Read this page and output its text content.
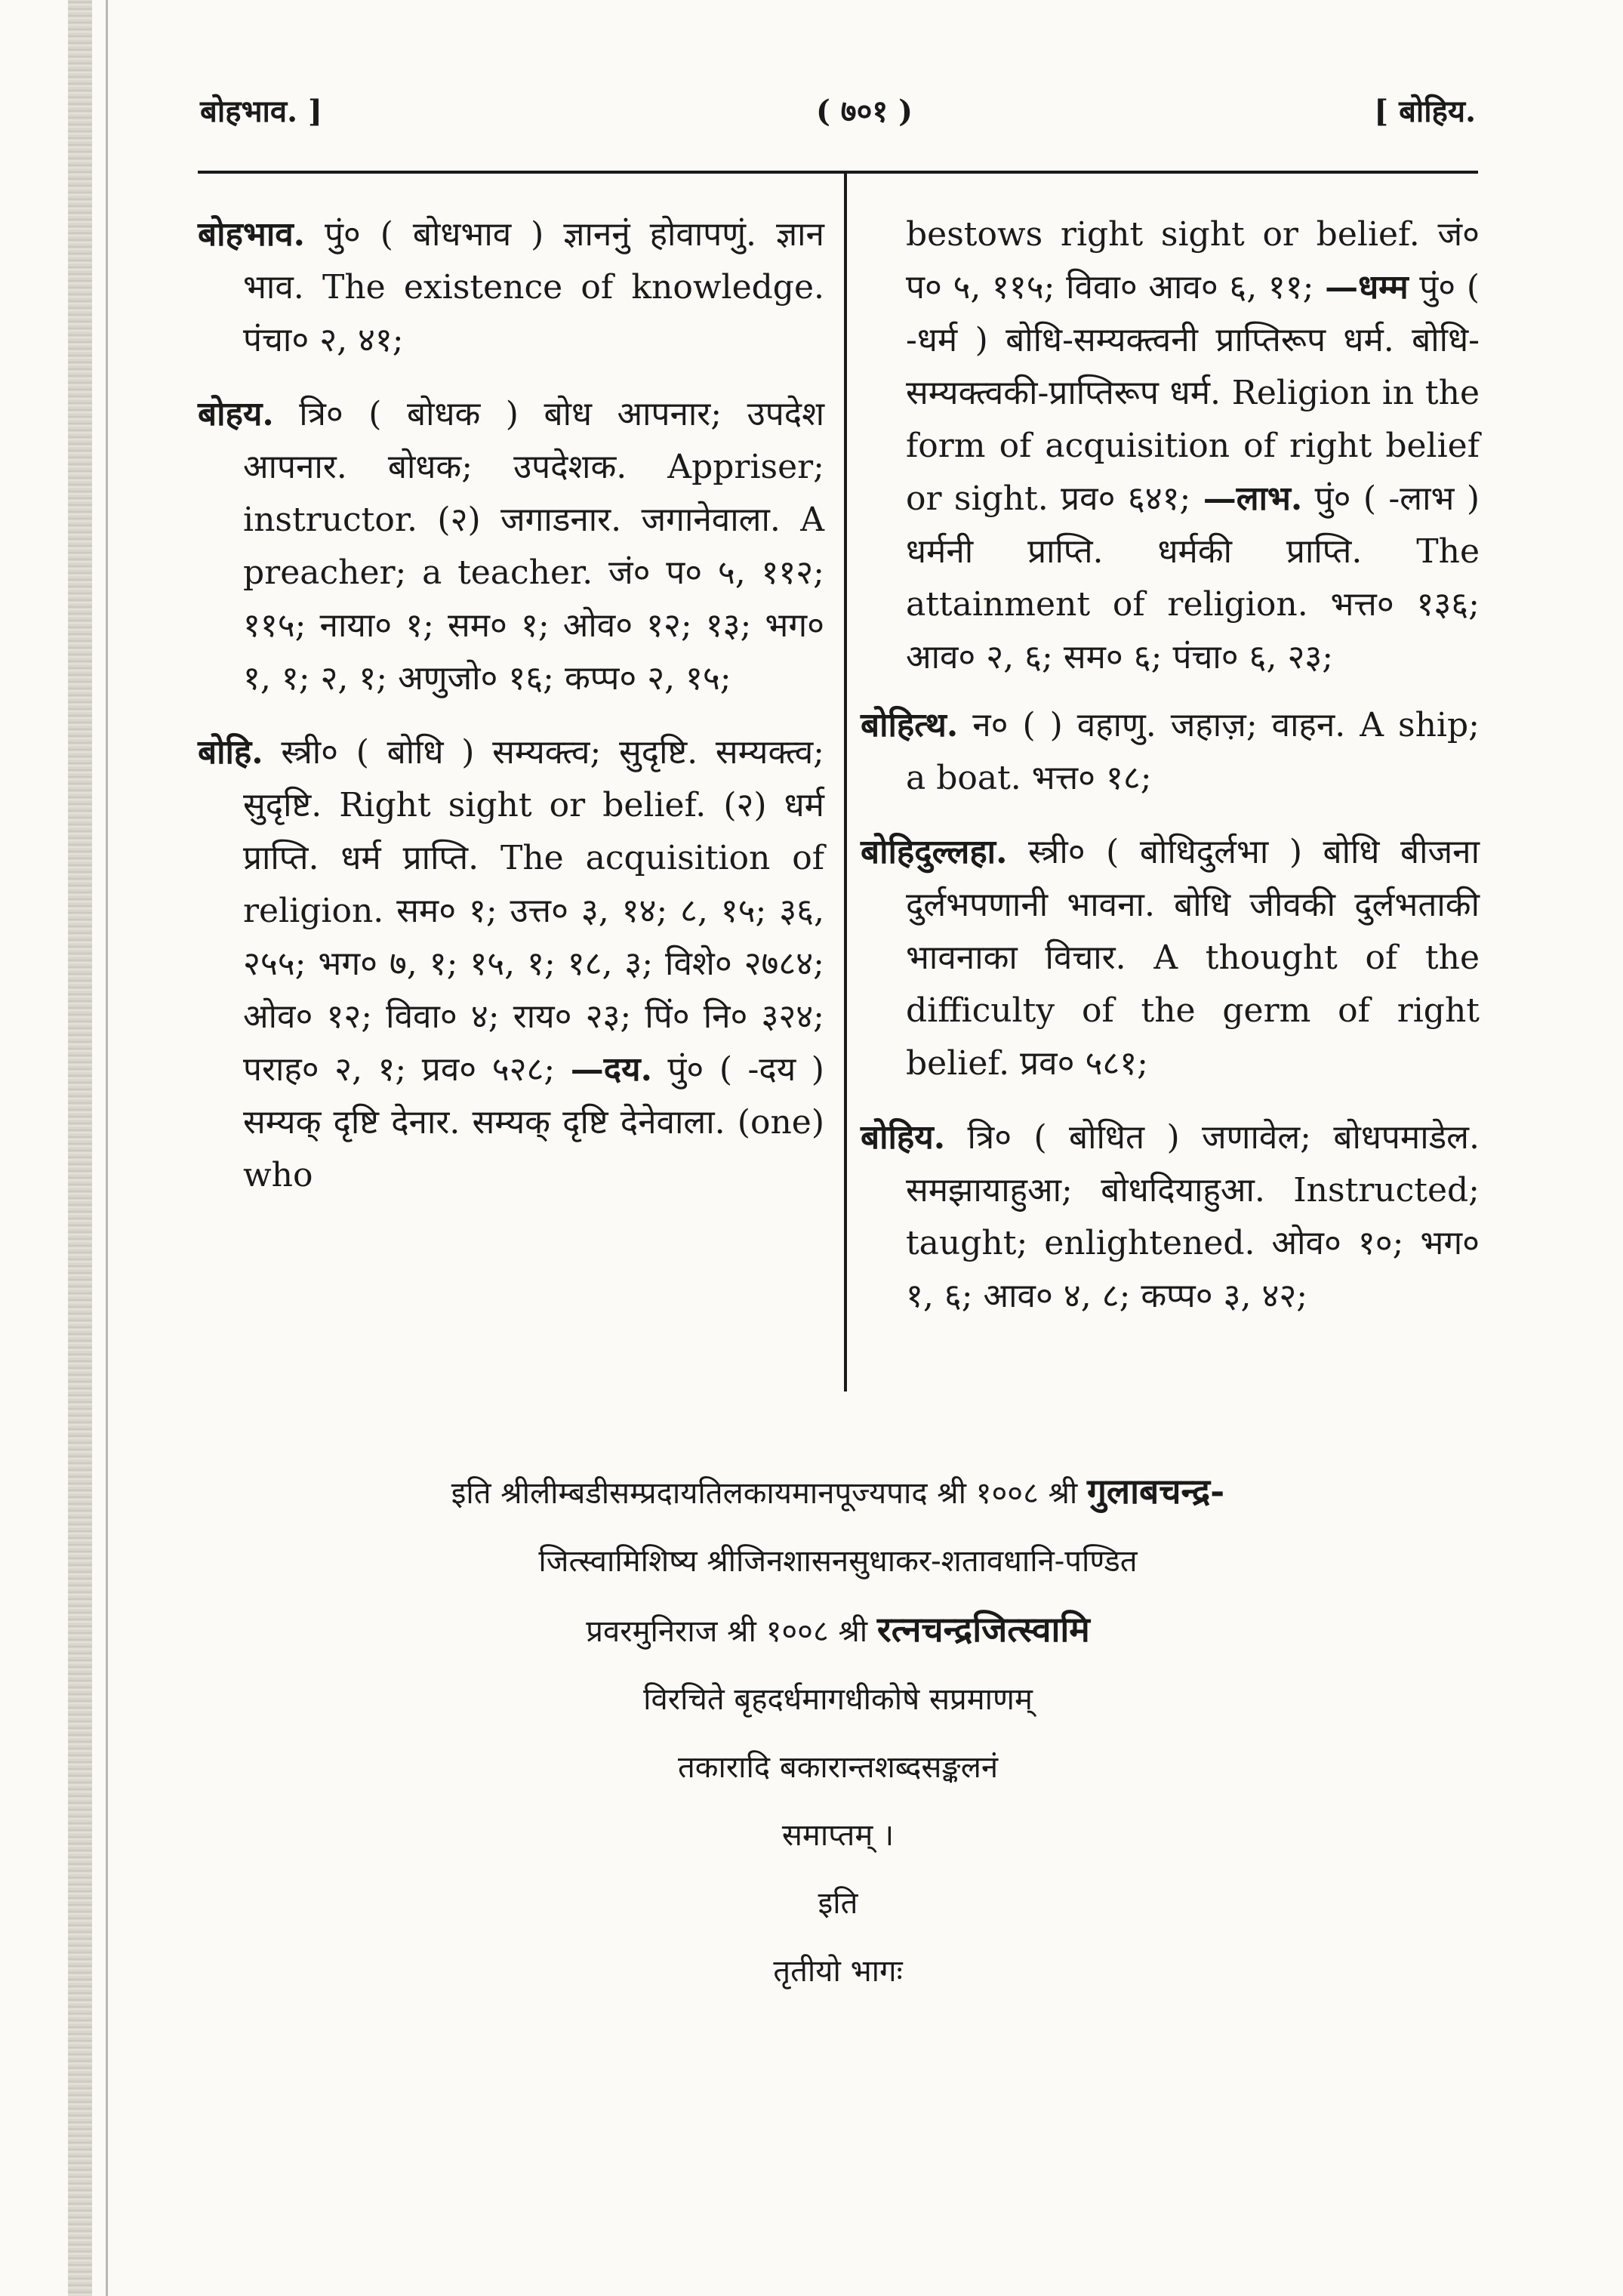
बोहभाव. ]	( ७०१ )	[ बोहिय.

बोहभाव. पुं० ( बोधभाव ) ज्ञाननुं होवापणुं. ज्ञान भाव. The existence of knowledge. पंचा० २, ४१;

बोहय. त्रि० ( बोधक ) बोध आपनार; उपदेश आपनार. बोधक; उपदेशक. Appriser; instructor. (२) जगाडनार. जगानेवाला. A preacher; a teacher. जं० प० ५, ११२; ११५; नाया० १; सम० १; ओव० १२; १३; भग० १, १; २, १; अणुजो० १६; कप्प० २, १५;

बोहि. स्त्री० ( बोधि ) सम्यक्त्व; सुदृष्टि. सम्यक्त्व; सुदृष्टि. Right sight or belief. (२) धर्म प्राप्ति. धर्म प्राप्ति. The acquisition of religion. सम० १; उत्त० ३, १४; ८, १५; ३६, २५५; भग० ७, १; १५, १; १८, ३; विशे० २७८४; ओव० १२; विवा० ४; राय० २३; पिं० नि० ३२४; पराह० २, १; प्रव० ५२८; —दय. पुं० ( -दय ) सम्यक् दृष्टि देनार. सम्यक् दृष्टि देनेवाला. (one) who

bestows right sight or belief. जं० प० ५, ११५; विवा० आव० ६, ११; —धम्म पुं० ( -धर्म ) बोधि-सम्यक्त्वनी प्राप्तिरूप धर्म. बोधि-सम्यक्त्वकी-प्राप्तिरूप धर्म. Religion in the form of acquisition of right belief or sight. प्रव० ६४१; —लाभ. पुं० ( -लाभ ) धर्मनी प्राप्ति. धर्मकी प्राप्ति. The attainment of religion. भत्त० १३६; आव० २, ६; सम० ६; पंचा० ६, २३;

बोहित्थ. न० ( ) वहाणु. जहाज़; वाहन. A ship; a boat. भत्त० १८;

बोहिदुल्लहा. स्त्री० ( बोधिदुर्लभा ) बोधि बीजना दुर्लभपणानी भावना. बोधि जीवकी दुर्लभताकी भावनाका विचार. A thought of the difficulty of the germ of right belief. प्रव० ५८१;

बोहिय. त्रि० ( बोधित ) जणावेल; बोधपमाडेल. समझायाहुआ; बोधदियाहुआ. Instructed; taught; enlightened. ओव० १०; भग० १, ६; आव० ४, ८; कप्प० ३, ४२;

इति श्रीलीम्बडीसम्प्रदायतिलकायमानपूज्यपाद श्री १००८ श्री गुलाबचन्द्र-
जित्स्वामिशिष्य श्रीजिनशासनसुधाकर-शतावधानि-पण्डित
प्रवरमुनिराज श्री १००८ श्री रत्नचन्द्रजित्स्वामि
विरचिते बृहदर्धमागधीकोषे सप्रमाणम्
तकारादि बकारान्तशब्दसङ्कलनं
समाप्तम् ।
इति
तृतीयो भागः
